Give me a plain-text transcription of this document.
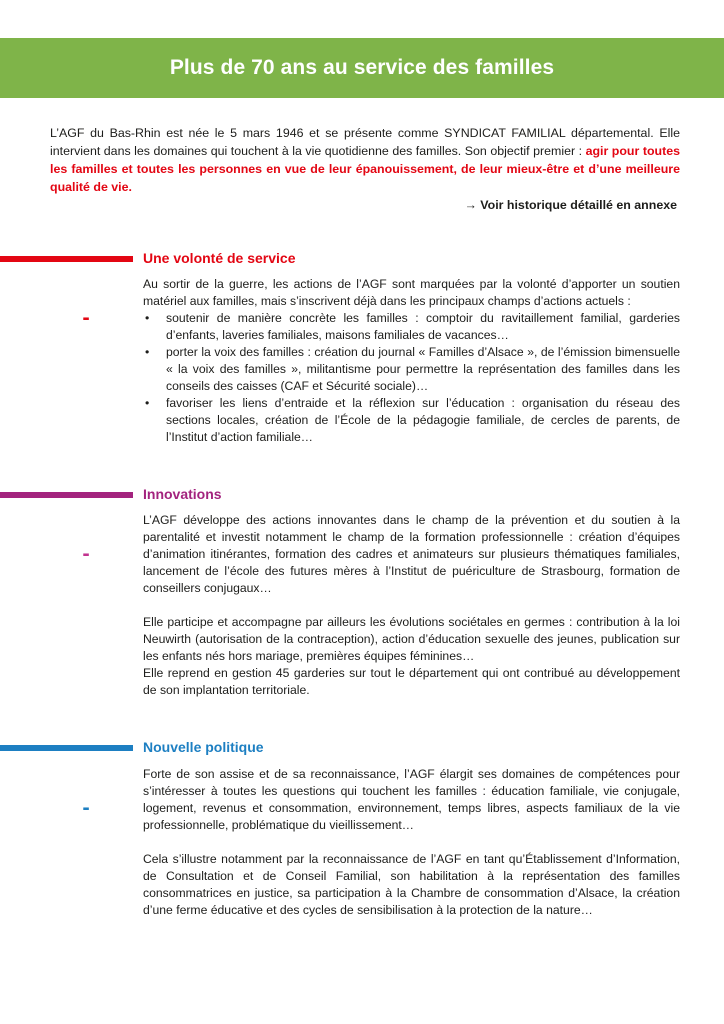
Plus de 70 ans au service des familles
L’AGF du Bas-Rhin est née le 5 mars 1946 et se présente comme SYNDICAT FAMILIAL départemental. Elle intervient dans les domaines qui touchent à la vie quotidienne des familles. Son objectif premier : agir pour toutes les familles et toutes les personnes en vue de leur épanouissement, de leur mieux-être et d’une meilleure qualité de vie.
→ Voir historique détaillé en annexe
Une volonté de service
1946
-
1956

Au sortir de la guerre, les actions de l’AGF sont marquées par la volonté d’apporter un soutien matériel aux familles, mais s’inscrivent déjà dans les principaux champs d’actions actuels :

• soutenir de manière concrète les familles : comptoir du ravitaillement familial, garderies d’enfants, laveries familiales, maisons familiales de vacances…
• porter la voix des familles : création du journal « Familles d’Alsace », de l’émission bimensuelle « la voix des familles », militantisme pour permettre la représentation des familles dans les conseils des caisses (CAF et Sécurité sociale)…
• favoriser les liens d’entraide et la réflexion sur l’éducation : organisation du réseau des sections locales, création de l’École de la pédagogie familiale, de cercles de parents, de l’Institut d’action familiale…
Innovations
1957
-
1969

L’AGF développe des actions innovantes dans le champ de la prévention et du soutien à la parentalité et investit notamment le champ de la formation professionnelle : création d’équipes d’animation itinérantes, formation des cadres et animateurs sur plusieurs thématiques familiales, lancement de l’école des futures mères à l’Institut de puériculture de Strasbourg, formation de conseillers conjugaux…

Elle participe et accompagne par ailleurs les évolutions sociétales en germes : contribution à la loi Neuwirth (autorisation de la contraception), action d’éducation sexuelle des jeunes, publication sur les enfants nés hors mariage, premières équipes féminines…

Elle reprend en gestion 45 garderies sur tout le département qui ont contribué au développement de son implantation territoriale.

Nouvelle politique
1970
-
1980

Forte de son assise et de sa reconnaissance, l’AGF élargit ses domaines de compétences pour s’intéresser à toutes les questions qui touchent les familles : éducation familiale, vie conjugale, logement, revenus et consommation, environnement, temps libres, aspects familiaux de la vie professionnelle, problématique du vieillissement…

Cela s’illustre notamment par la reconnaissance de l’AGF en tant qu’Établissement d’Information, de Consultation et de Conseil Familial, son habilitation à la représentation des familles consommatrices en justice, sa participation à la Chambre de consommation d’Alsace, la création d’une ferme éducative et des cycles de sensibilisation à la protection de la nature…
